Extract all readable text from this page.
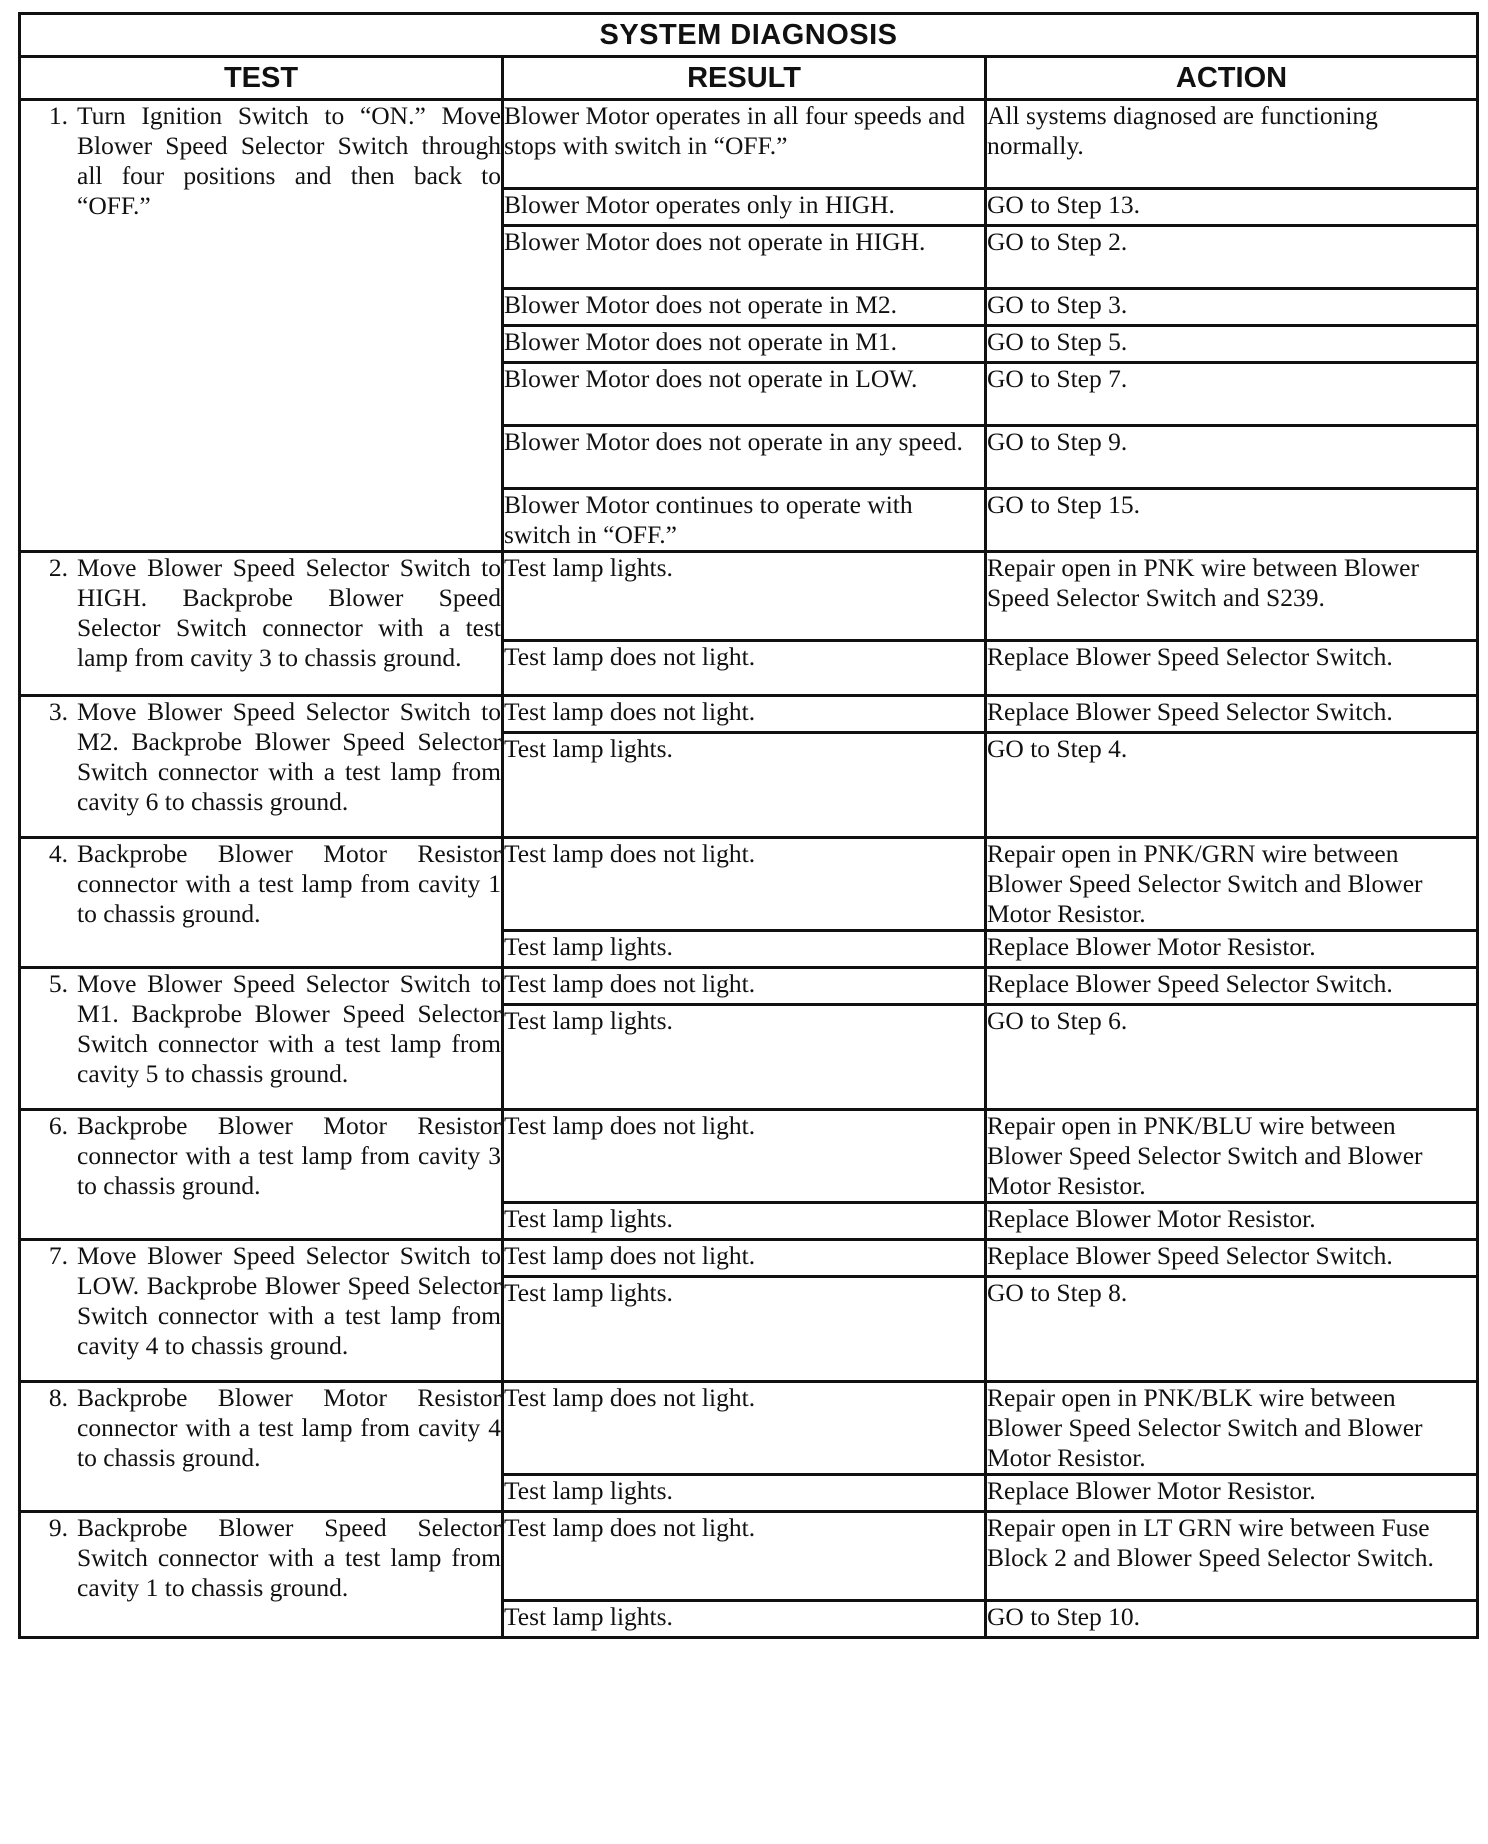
SYSTEM DIAGNOSIS		
TEST	RESULT	ACTION

1. Turn Ignition Switch to “ON.” Move Blower Speed Selector Switch through all four positions and then back to “OFF.”	Blower Motor operates in all four speeds and stops with switch in “OFF.”	All systems diagnosed are functioning normally.
	Blower Motor operates only in HIGH.	GO to Step 13.
	Blower Motor does not operate in HIGH.	GO to Step 2.
	Blower Motor does not operate in M2.	GO to Step 3.
	Blower Motor does not operate in M1.	GO to Step 5.
	Blower Motor does not operate in LOW.	GO to Step 7.
	Blower Motor does not operate in any speed.	GO to Step 9.
	Blower Motor continues to operate with switch in “OFF.”	GO to Step 15.

2. Move Blower Speed Selector Switch to HIGH. Backprobe Blower Speed Selector Switch connector with a test lamp from cavity 3 to chassis ground.	Test lamp lights.	Repair open in PNK wire between Blower Speed Selector Switch and S239.
	Test lamp does not light.	Replace Blower Speed Selector Switch.

3. Move Blower Speed Selector Switch to M2. Backprobe Blower Speed Selector Switch connector with a test lamp from cavity 6 to chassis ground.	Test lamp does not light.	Replace Blower Speed Selector Switch.
	Test lamp lights.	GO to Step 4.

4. Backprobe Blower Motor Resistor connector with a test lamp from cavity 1 to chassis ground.	Test lamp does not light.	Repair open in PNK/GRN wire between Blower Speed Selector Switch and Blower Motor Resistor.
	Test lamp lights.	Replace Blower Motor Resistor.

5. Move Blower Speed Selector Switch to M1. Backprobe Blower Speed Selector Switch connector with a test lamp from cavity 5 to chassis ground.	Test lamp does not light.	Replace Blower Speed Selector Switch.
	Test lamp lights.	GO to Step 6.

6. Backprobe Blower Motor Resistor connector with a test lamp from cavity 3 to chassis ground.	Test lamp does not light.	Repair open in PNK/BLU wire between Blower Speed Selector Switch and Blower Motor Resistor.
	Test lamp lights.	Replace Blower Motor Resistor.

7. Move Blower Speed Selector Switch to LOW. Backprobe Blower Speed Selector Switch connector with a test lamp from cavity 4 to chassis ground.	Test lamp does not light.	Replace Blower Speed Selector Switch.
	Test lamp lights.	GO to Step 8.

8. Backprobe Blower Motor Resistor connector with a test lamp from cavity 4 to chassis ground.	Test lamp does not light.	Repair open in PNK/BLK wire between Blower Speed Selector Switch and Blower Motor Resistor.
	Test lamp lights.	Replace Blower Motor Resistor.

9. Backprobe Blower Speed Selector Switch connector with a test lamp from cavity 1 to chassis ground.	Test lamp does not light.	Repair open in LT GRN wire between Fuse Block 2 and Blower Speed Selector Switch.
	Test lamp lights.	GO to Step 10.
